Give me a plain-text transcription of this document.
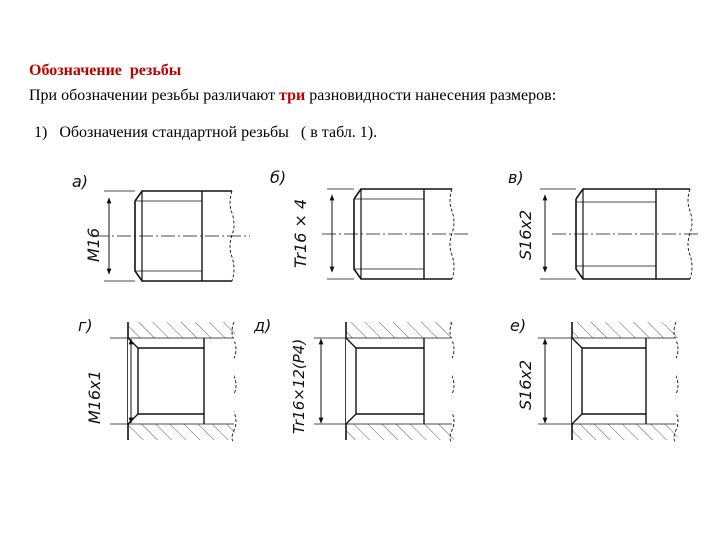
Обозначение  резьбы
При обозначении резьбы различают три разновидности нанесения размеров:
1)   Обозначения стандартной резьбы   ( в табл. 1).
а)
М16
б)
Tr16 × 4
в)
S16x2
г)
М16x1
д)
Tr16×12(P4)
е)
S16x2
